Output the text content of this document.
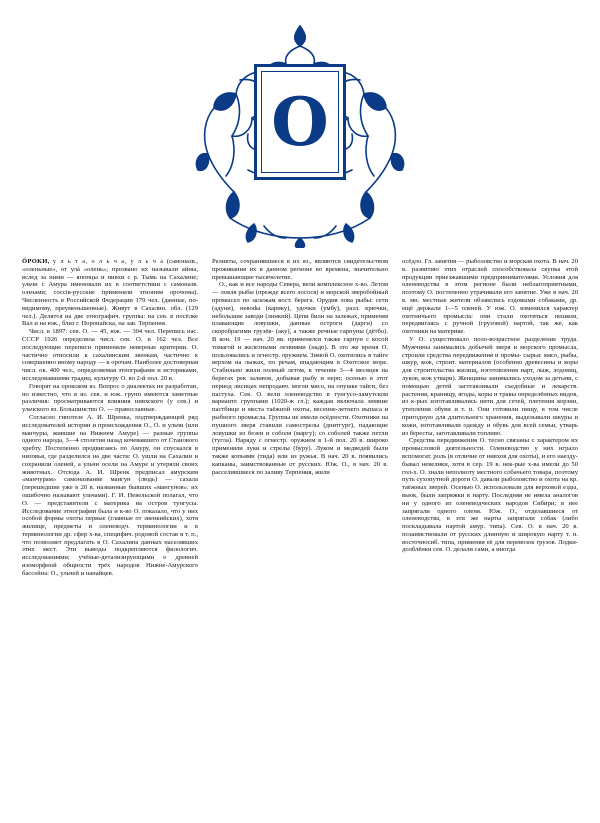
О

ÓРОКИ, у л ь т а, о л ь ч а, у л ь ч а (самоназв., «оленьные», от улá «олень»; прозвано их называли айны, вслед за ними — японцы и нивхи с р. Тымь на Сахалине; ульчи с Амура именовали их в соответствии с самоназв. ольчами; соссiв-русские применяли этноним орочоны). Численность в Российской Федерации 179 чел. (данные, по-видимому, преуменьшенные). Живут в Сахалин. обл. (129 чел.). Делятся на две этнографич. группы: на сев. в посёлке Вал и на юж., близ г. Поронайска, на зав. Терпения.

Числ. в 1897: сев. О. — 45, юж. — 304 чел. Перепись нас. СССР 1926 определила числ. сев. О. в 162 чел. Все последующие переписи применяли неверные критерии. О. частично относили к сахалинским эвенкам, частично к совершенно иному народу — к орочам. Наиболее достоверная числ. ок. 400 чел., определяемая этнографами и историками, исследовавшими традиц. культуру О. во 2-й пол. 20 в.

Говорят на орокском яз. Вопрос о диалектах не разработан, но известно, что в яз. сев. и юж. групп имеются заметные различия: просматриваются влияния нивхского (у сев.) и ульчского яз. Большинство О. — православные.

Согласно гипотезе А. И. Шренка, подтверждающей ряд исследователей истории и происхождения О., О. и ульчи (или манчуры, жившие на Нижнем Амуре) — разные группы одного народа, 3—4 столетия назад кочевавшего от Станового хребту. Постепенно продвигаясь по Амуру, он спускался в низовья, где разделился на две части: О. ушли на Сахалин и сохранили оленей, а ульчи осели на Амуре и утеряли своих животных. Отсюда А. И. Шренк предписал амурским «манчурам» самоназвание мангун (людь) — сахала (перешедшие уже в 20 в. названные бывших «мангунов»: их ошибочно называют ульчами). Г. И. Невельской полагал, что О. — представители с материка на остров тунгусы. Исследование этнографии была и к-во О. показало, что у них особой формы охоты первые (главные от эвенкийских), хотя жилище, предметы и оленеводч. терминологии и в терминологии др. сфер х-ва, специфич. родовой состав и т. п., что позволяет предлагать в О. Сахалина данных населявших этих мест. Эти выводы подкрепляются филологич. исследованиями; учёные-детализирующими о древней изоморфной общности трёх народов Нижне-Амурского бассейна: О., ульчей и нанайцев.

Реликты, сохранившиеся в их яз., являются свидетельством проживания их в данном регионе во времена, значительно превышающие тысячелетие.

О., как и все народы Севера, вели комплексное х-во. Летом — ловля рыбы (прежде всего лосося) и морской зверобойный промысел по залежам вост. берега. Орудия лова рыбы: сети (адуни), невоdы (карику), удочки (умбу), разл. крючки, небольшие заводи (линкнй). Цепи били на залежах, применяя плавающие ловушки, данные остроги (дарги) со скоробрагими грузёв- (аку), а также речные гарпуны (дётбо). В кон. 19 — нач. 20 вв. применялся также гарпун с косой томагой и железными лезвиями (надо). В это же время О. пользовались и огнестр. оружием. Зимой О. охотились в тайге верхом на лыжах, по речам, впадающим в Охотское море. Стабильно жили полный летом, в течение 3—4 месяцев на берегах рек заливов, добывая рыбу и нерп; осенью в этот период лисицах непродавч. могли мясо, на опушке тайги, без пастуха. Сев. О. вели оленеводство в тунгусо-ламутском варианте группами (1020-ж гл.); каждая включала зимние пастбище и места таёжной охоты, весенне-летнего выпаса и рыбного промысла. Группы не имели осёдности. Охотники на пушного зверя ставили самострелы (днитгург), падающие ловушки из безеи и соболя (маргу): со соболей также петли (тугла). Наряду с огнестр. оружием в 1-й пол. 20 в. широко применяли луки и стрелы (буру). Луком и медведей были также копьями (тида) или из ружья. В нач. 20 в. появились капканы, заимствованные от русских. Юж. О., в нач. 20 в. расселившиеся по заливу Терпения, жили

осёдло. Гл. занятия — рыболовство и морская охота. В нач. 20 в. развитию этих отраслей способствовала скупка этой продукции приезжавшими предпринимателями. Условия для оленеводства в этом регионе были неблагоприятными, поэтому О. постепенно утрачивали его занятие. Уже в нач. 20 в. мн. местные жители обзавелись ездовыми собаками, др. ещё держали 1—5 оленей. У юж. О. изменился характер охотничьего промысла: они стали охотиться пешком, передвигаясь с ручной (грузовой) нартой, так же, как охотники на материке.

У О. существовало поло-возрастное разделение труда. Мужчины занимались добычей зверя и морского промысла, строили средства передвижения и промы- сырья: мясо, рыбы, шкур, кож, строит. материалов (особенно древесины и коры для строительства жилищ, изготовления нарт, лыж, лодовиц, луков, кож утвари). Женщины занимались уходом за детьми, с помощью детей заготавливали съедобные и лекарств. растения, кранищу, ягоды, коры и травы определённых видов, из к-рых изготавливались нити для сетей, плетения корзин, утепления обуви и т. п. Они готовили пищу, в том числе пригодную для длительного хранения, выделывали шкуры и кожи, изготавливали одежду и обувь для всей семьи, утварь из бересты, заготавливали топливо.

Средства передвижения О. тесно связаны с характером их промысловой деятельности. Оленеводство у них играло вспомогат. роль (в отличие от нивхов для охоты), и его наезду-бывал невелики, хотя в сер. 19 в. нек-рые х-ва имели до 50 гол-х. О. знали неполноту местного собачьего товара, поэтому путь сухопутной дороги О. давали рыболовство и охота на кр. таёжных зверей. Осенью О. использовали для верховой езды, вьюк, были запряжки в нарту. Последняя не имела аналогов ни у одного из оленеводческих народов Сибири; в нее запрягали одного оленя. Юж. О., отделавшиеся от оленеводства, в эти же нарты запрягали собак (либо поскладывала нартой амур. типа). Сев. О. в нач. 20 в. позаимствовали от русских длинную и широкую нарту т. н. восточносиб. типа, применяя её для перевозок грузов. Лодки-долблёнки сев. О. делали сами, а иногда
